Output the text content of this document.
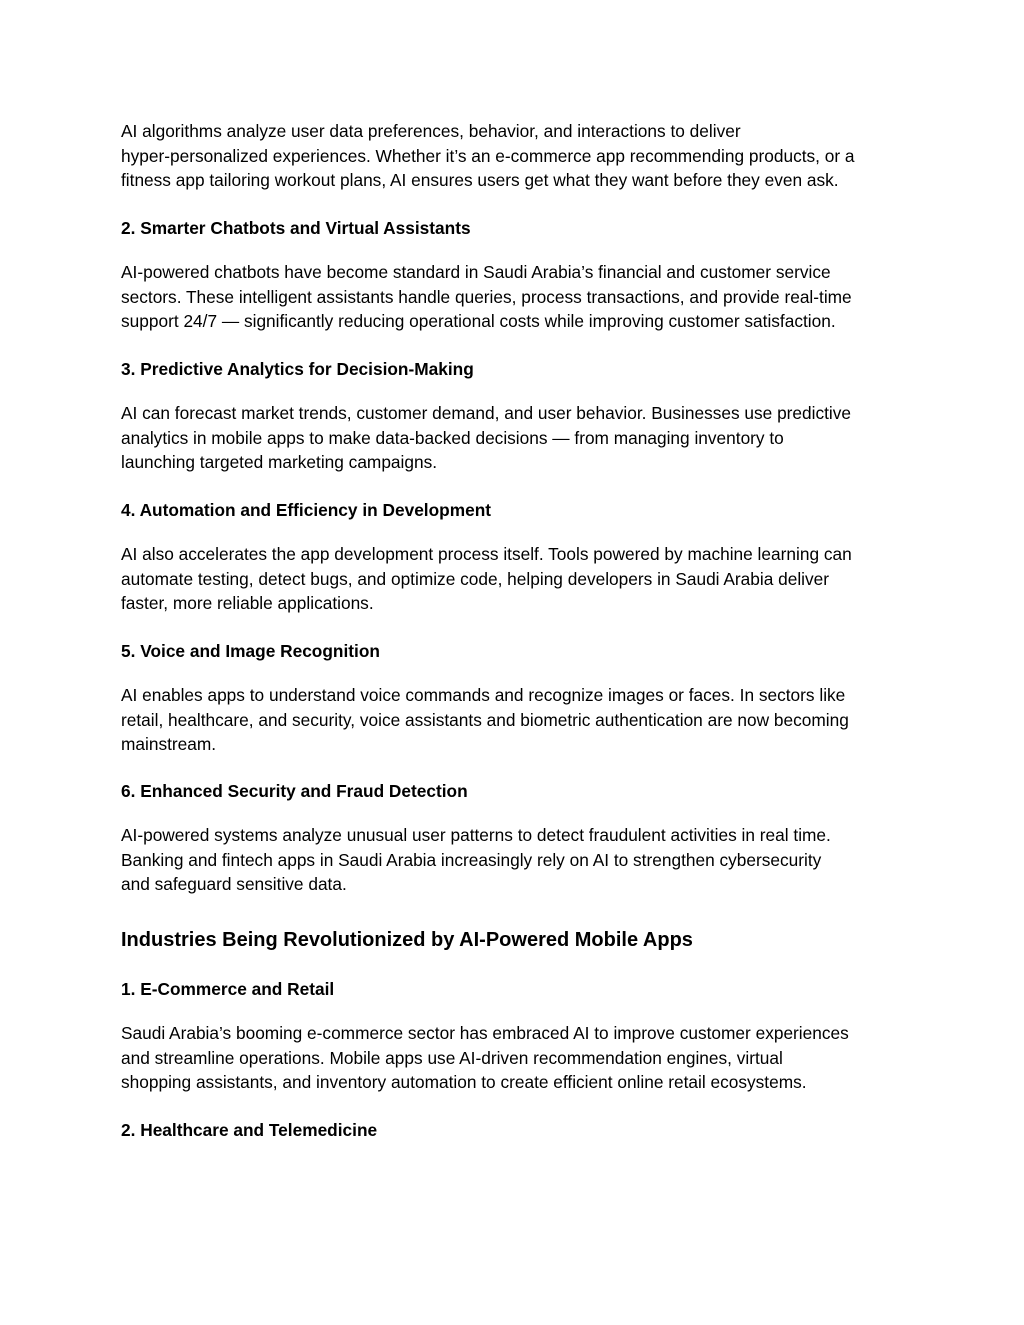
AI algorithms analyze user data preferences, behavior, and interactions to deliver
hyper-personalized experiences. Whether it’s an e-commerce app recommending products, or a
fitness app tailoring workout plans, AI ensures users get what they want before they even ask.

2. Smarter Chatbots and Virtual Assistants

AI-powered chatbots have become standard in Saudi Arabia’s financial and customer service
sectors. These intelligent assistants handle queries, process transactions, and provide real-time
support 24/7 — significantly reducing operational costs while improving customer satisfaction.

3. Predictive Analytics for Decision-Making

AI can forecast market trends, customer demand, and user behavior. Businesses use predictive
analytics in mobile apps to make data-backed decisions — from managing inventory to
launching targeted marketing campaigns.

4. Automation and Efficiency in Development

AI also accelerates the app development process itself. Tools powered by machine learning can
automate testing, detect bugs, and optimize code, helping developers in Saudi Arabia deliver
faster, more reliable applications.

5. Voice and Image Recognition

AI enables apps to understand voice commands and recognize images or faces. In sectors like
retail, healthcare, and security, voice assistants and biometric authentication are now becoming
mainstream.

6. Enhanced Security and Fraud Detection

AI-powered systems analyze unusual user patterns to detect fraudulent activities in real time.
Banking and fintech apps in Saudi Arabia increasingly rely on AI to strengthen cybersecurity
and safeguard sensitive data.

Industries Being Revolutionized by AI-Powered Mobile Apps
1. E-Commerce and Retail

Saudi Arabia’s booming e-commerce sector has embraced AI to improve customer experiences
and streamline operations. Mobile apps use AI-driven recommendation engines, virtual
shopping assistants, and inventory automation to create efficient online retail ecosystems.

2. Healthcare and Telemedicine
